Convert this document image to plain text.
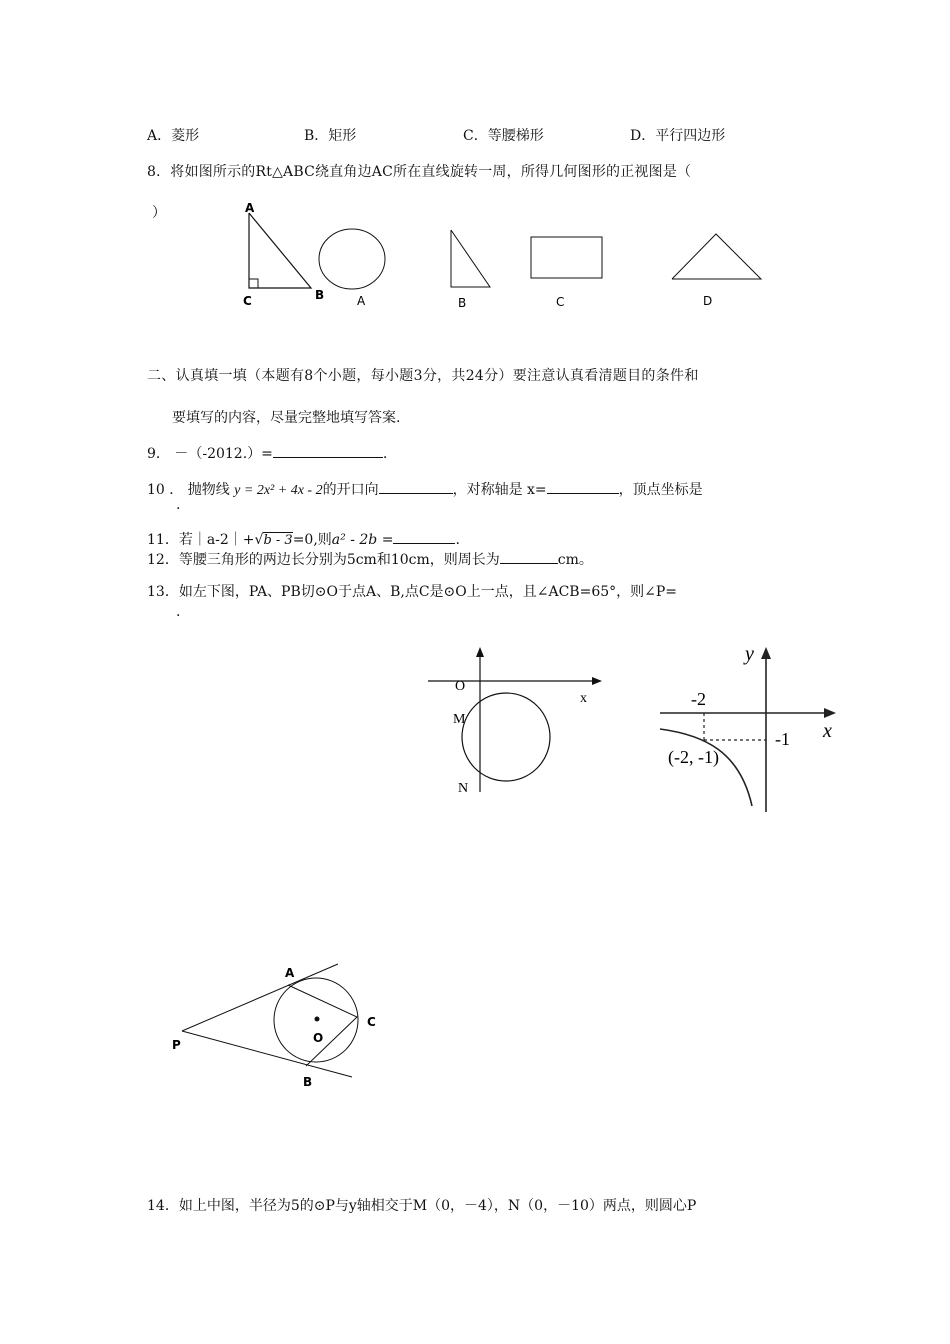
A．菱形	B．矩形	C．等腰梯形	D．平行四边形
8．将如图所示的Rt△ABC绕直角边AC所在直线旋转一周，所得几何图形的正视图是（
）	A
C	B	A	B	C	D
二、认真填一填（本题有8个小题，每小题3分，共24分）要注意认真看清题目的条件和
要填写的内容，尽量完整地填写答案.
9． －（-2012.）=	.
10 ． 抛物线 y = 2x² + 4x - 2的开口向	，对称轴是 x=	，顶点坐标是
.
11．若｜a-2｜+√b - 3=0,则a² - 2b =	.
12．等腰三角形的两边长分别为5cm和10cm，则周长为	cm。
13．如左下图，PA、PB切⊙O于点A、B,点C是⊙O上一点，且∠ACB=65°，则∠P=
.
O
x
M
N
y
x
-2
-1
(-2, -1)
A
C
O
P
B
14．如上中图，半径为5的⊙P与y轴相交于M（0，－4），N（0，－10）两点，则圆心P
